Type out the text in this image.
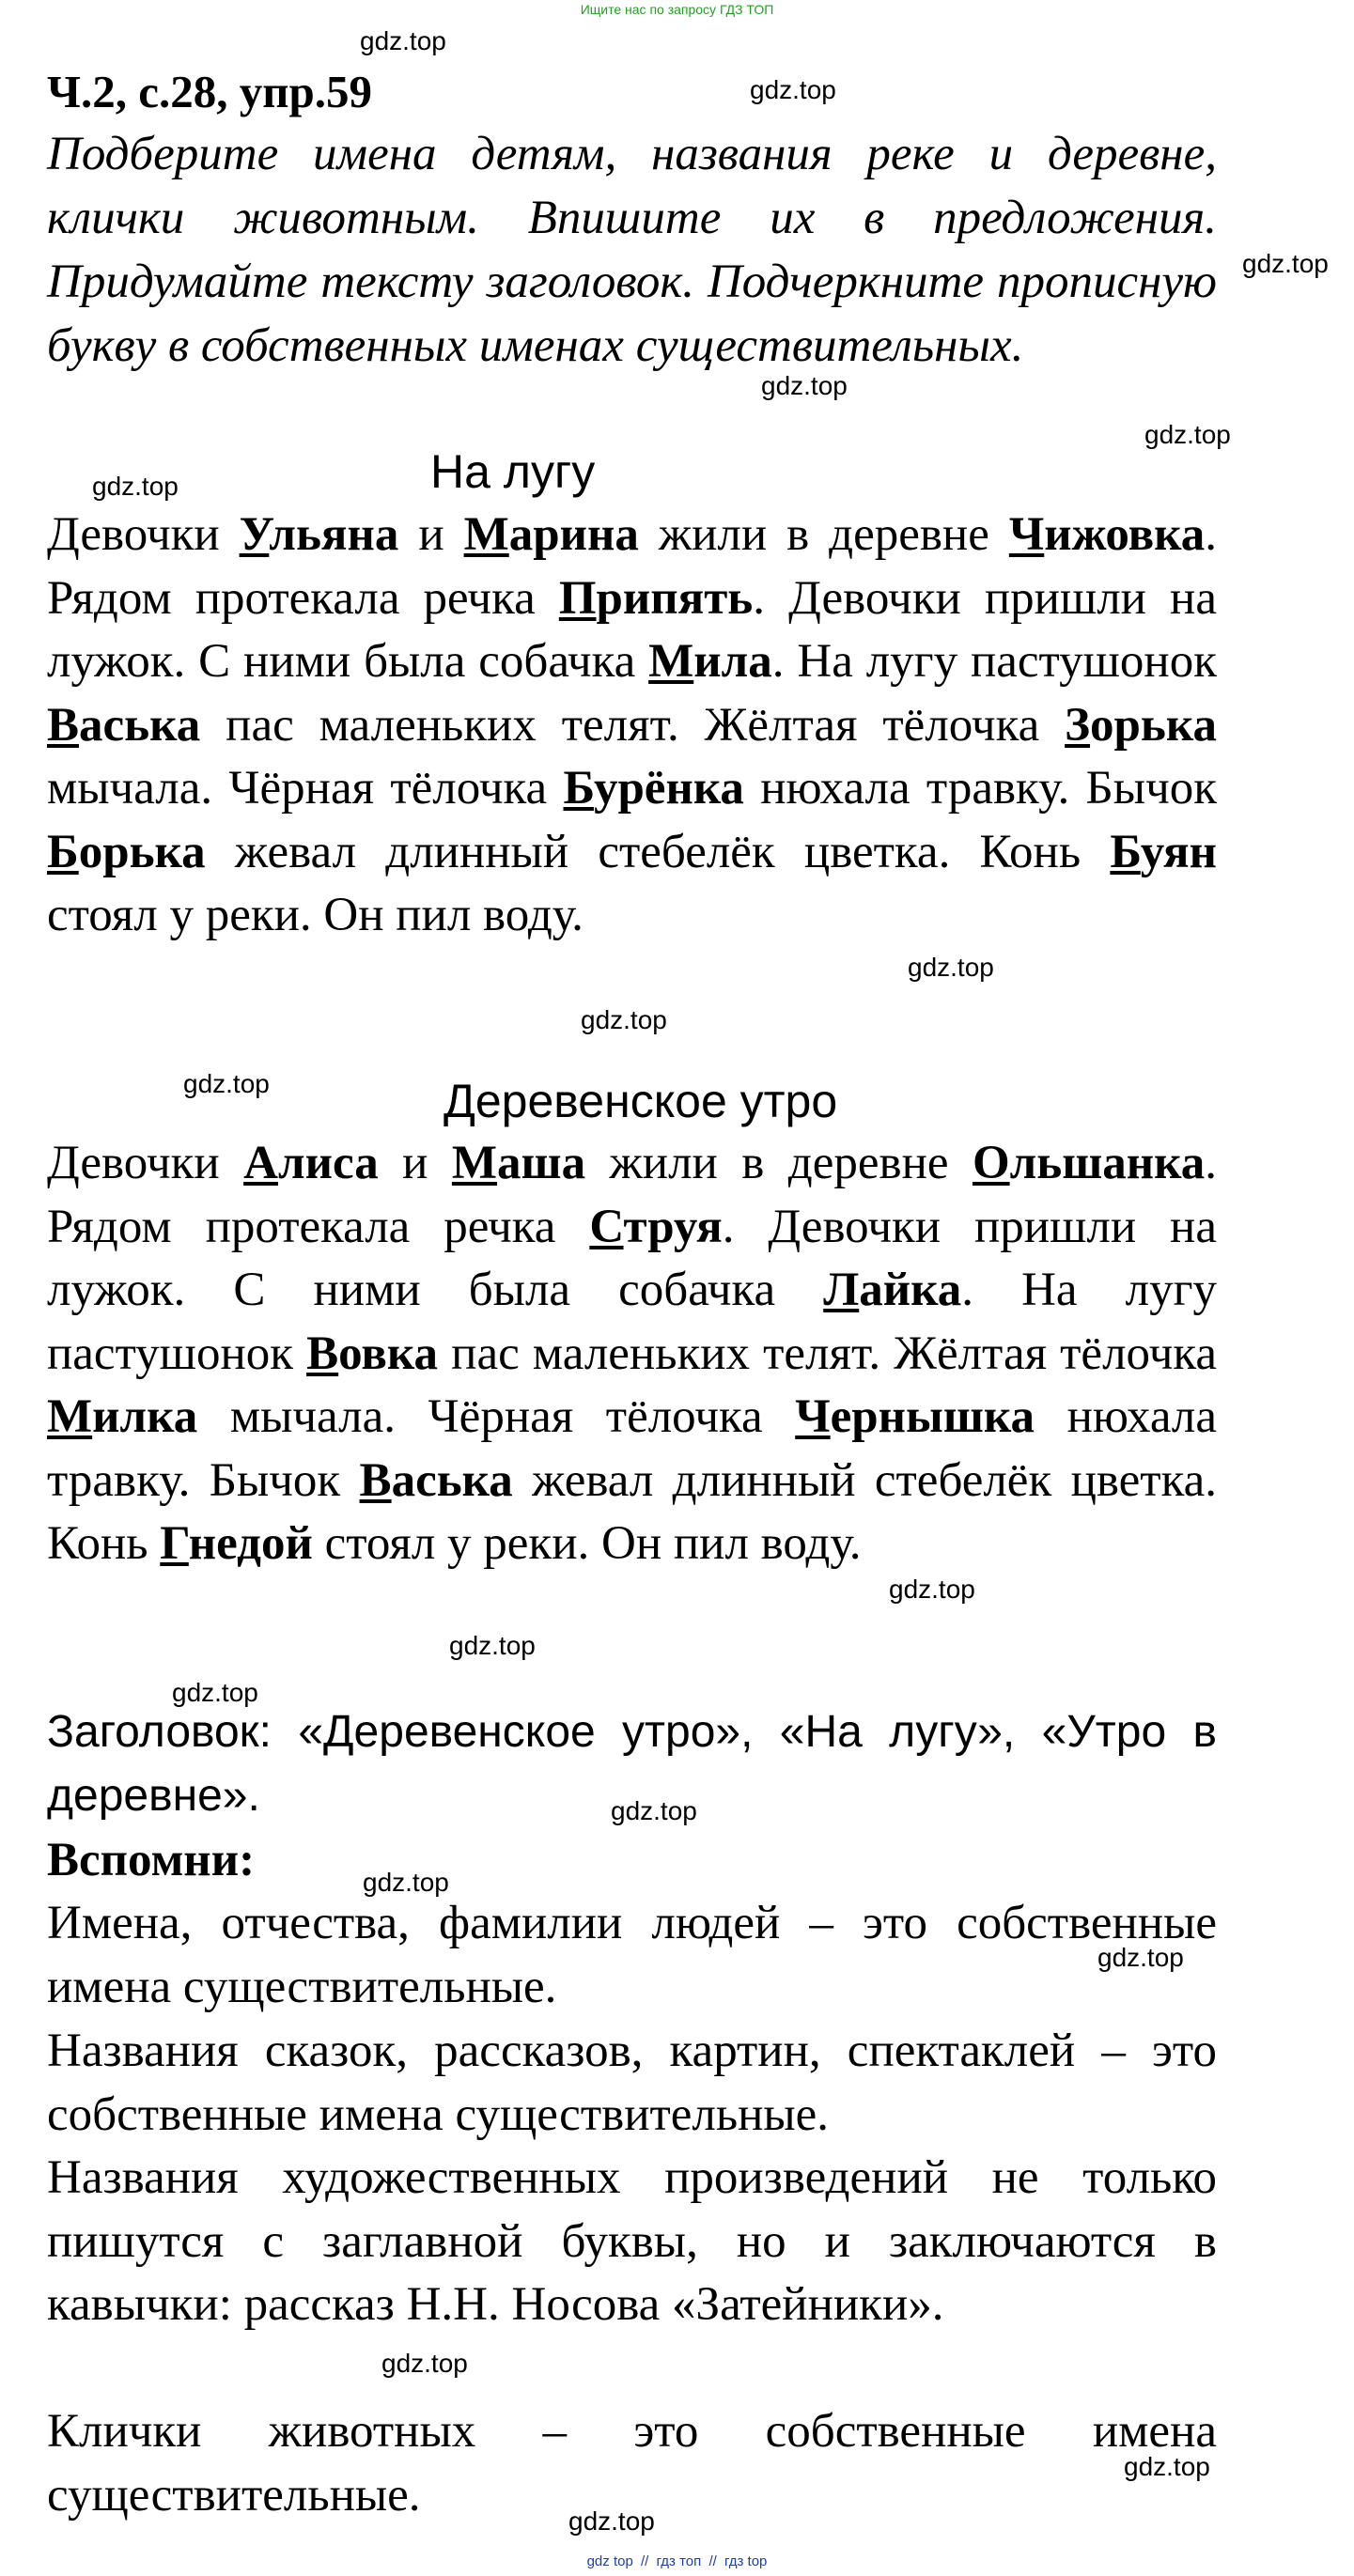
Ищите нас по запросу ГДЗ ТОП
Ч.2, с.28, упр.59

Подберите имена детям, названия реке и деревне, клички животным. Впишите их в предложения. Придумайте тексту заголовок. Подчеркните прописную букву в собственных именах существительных.

На лугу

Девочки Ульяна и Марина жили в деревне Чижовка. Рядом протекала речка Припять. Девочки пришли на лужок. С ними была собачка Мила. На лугу пастушонок Васька пас маленьких телят. Жёлтая тёлочка Зорька мычала. Чёрная тёлочка Бурёнка нюхала травку. Бычок Борька жевал длинный стебелёк цветка. Конь Буян стоял у реки. Он пил воду.

Деревенское утро

Девочки Алиса и Маша жили в деревне Ольшанка. Рядом протекала речка Струя. Девочки пришли на лужок. С ними была собачка Лайка. На лугу пастушонок Вовка пас маленьких телят. Жёлтая тёлочка Милка мычала. Чёрная тёлочка Чернышка нюхала травку. Бычок Васька жевал длинный стебелёк цветка. Конь Гнедой стоял у реки. Он пил воду.

Заголовок: «Деревенское утро», «На лугу», «Утро в деревне».

Вспомни:

Имена, отчества, фамилии людей – это собственные имена существительные.

Названия сказок, рассказов, картин, спектаклей – это собственные имена существительные.

Названия художественных произведений не только пишутся с заглавной буквы, но и заключаются в кавычки: рассказ Н.Н. Носова «Затейники».

Клички животных – это собственные имена существительные.

gdz.top
gdz.top
gdz.top
gdz.top
gdz.top
gdz.top
gdz.top
gdz.top
gdz.top
gdz.top
gdz.top
gdz.top
gdz.top
gdz.top
gdz.top
gdz.top
gdz.top
gdz.top
gdz top // гдз топ // гдз top
